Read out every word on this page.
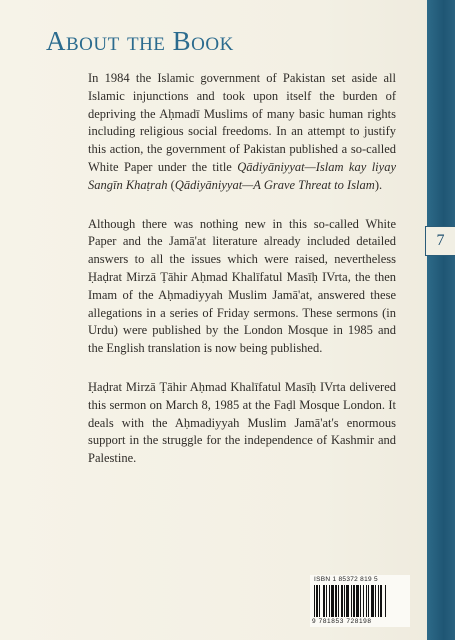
7
About the Book

In 1984 the Islamic government of Pakistan set aside all Islamic injunctions and took upon itself the burden of depriving the Aḥmadī Muslims of many basic human rights including religious social freedoms. In an attempt to justify this action, the government of Pakistan published a so-called White Paper under the title Qādiyāniyyat—Islam kay liyay Sangīn Khaṭrah (Qādiyāniyyat—A Grave Threat to Islam).

Although there was nothing new in this so-called White Paper and the Jamā'at literature already included detailed answers to all the issues which were raised, nevertheless Ḥaḍrat Mirzā Ṭāhir Aḥmad Khalīfatul Masīḥ IVrta, the then Imam of the Aḥmadiyyah Muslim Jamā'at, answered these allegations in a series of Friday sermons. These sermons (in Urdu) were published by the London Mosque in 1985 and the English translation is now being published.

Ḥaḍrat Mirzā Ṭāhir Aḥmad Khalīfatul Masīḥ IVrta delivered this sermon on March 8, 1985 at the Faḍl Mosque London. It deals with the Aḥmadiyyah Muslim Jamā'at's enormous support in the struggle for the independence of Kashmir and Palestine.

ISBN 1 85372 819 5
9 781853 728198
